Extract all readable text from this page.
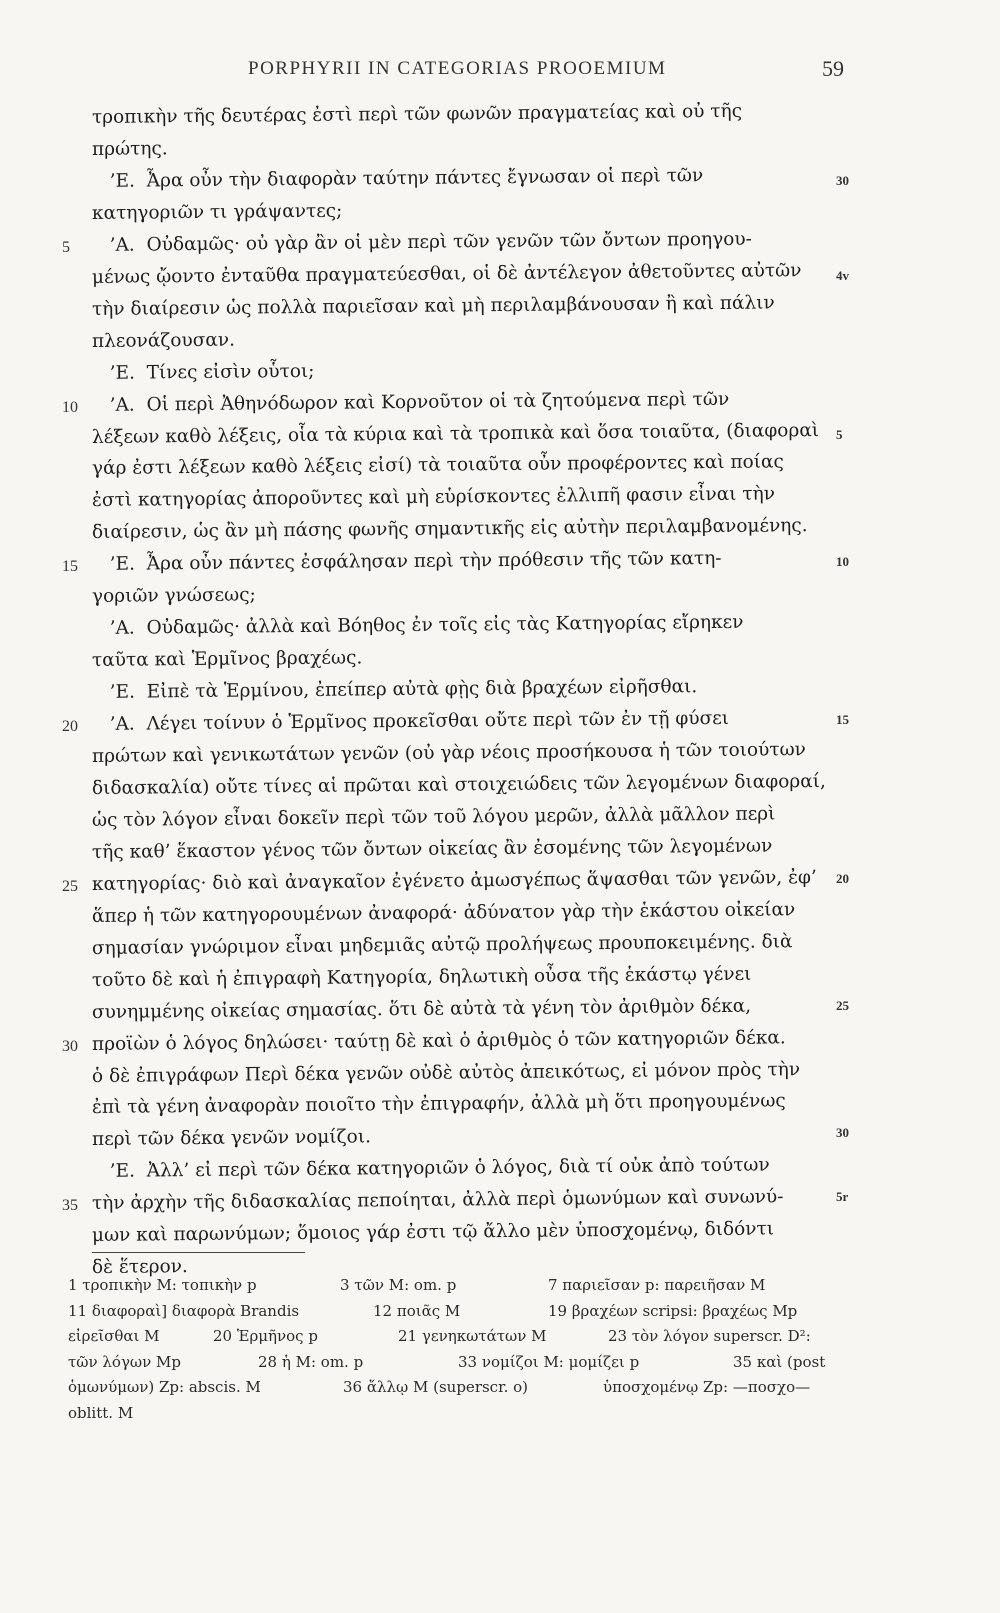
PORPHYRII IN CATEGORIAS PROOEMIUM	59
τροπικὴν τῆς δευτέρας ἐστὶ περὶ τῶν φωνῶν πραγματείας καὶ οὐ τῆς
πρώτης.
’Ε.  Ἆρα οὖν τὴν διαφορὰν ταύτην πάντες ἔγνωσαν οἱ περὶ τῶν	30
κατηγοριῶν τι γράψαντες;
’Α.  Οὐδαμῶς· οὐ γὰρ ἂν οἱ μὲν περὶ τῶν γενῶν τῶν ὄντων προηγου-
5
μένως ᾤοντο ἐνταῦθα πραγματεύεσθαι, οἱ δὲ ἀντέλεγον ἀθετοῦντες αὐτῶν	4v
τὴν διαίρεσιν ὡς πολλὰ παριεῖσαν καὶ μὴ περιλαμβάνουσαν ἢ καὶ πάλιν
πλεονάζουσαν.
’Ε.  Τίνες εἰσὶν οὗτοι;
’Α.  Οἱ περὶ Ἀθηνόδωρον καὶ Κορνοῦτον οἱ τὰ ζητούμενα περὶ τῶν
10
λέξεων καθὸ λέξεις, οἷα τὰ κύρια καὶ τὰ τροπικὰ καὶ ὅσα τοιαῦτα, (διαφοραὶ	5
γάρ ἐστι λέξεων καθὸ λέξεις εἰσί) τὰ τοιαῦτα οὖν προφέροντες καὶ ποίας
ἐστὶ κατηγορίας ἀποροῦντες καὶ μὴ εὑρίσκοντες ἐλλιπῆ φασιν εἶναι τὴν
διαίρεσιν, ὡς ἂν μὴ πάσης φωνῆς σημαντικῆς εἰς αὐτὴν περιλαμβανομένης.
’Ε.  Ἆρα οὖν πάντες ἐσφάλησαν περὶ τὴν πρόθεσιν τῆς τῶν κατη-
15	10
γοριῶν γνώσεως;
’Α.  Οὐδαμῶς· ἀλλὰ καὶ Βόηθος ἐν τοῖς εἰς τὰς Κατηγορίας εἴρηκεν
ταῦτα καὶ Ἑρμῖνος βραχέως.
’Ε.  Εἰπὲ τὰ Ἑρμίνου, ἐπείπερ αὐτὰ φῂς διὰ βραχέων εἰρῆσθαι.
’Α.  Λέγει τοίνυν ὁ Ἑρμῖνος προκεῖσθαι οὔτε περὶ τῶν ἐν τῇ φύσει
20	15
πρώτων καὶ γενικωτάτων γενῶν (οὐ γὰρ νέοις προσήκουσα ἡ τῶν τοιούτων
διδασκαλία) οὔτε τίνες αἱ πρῶται καὶ στοιχειώδεις τῶν λεγομένων διαφοραί,
ὡς τὸν λόγον εἶναι δοκεῖν περὶ τῶν τοῦ λόγου μερῶν, ἀλλὰ μᾶλλον περὶ
τῆς καθ’ ἕκαστον γένος τῶν ὄντων οἰκείας ἂν ἐσομένης τῶν λεγομένων
κατηγορίας· διὸ καὶ ἀναγκαῖον ἐγένετο ἀμωσγέπως ἅψασθαι τῶν γενῶν, ἐφ’
25	20
ἅπερ ἡ τῶν κατηγορουμένων ἀναφορά· ἀδύνατον γὰρ τὴν ἑκάστου οἰκείαν
σημασίαν γνώριμον εἶναι μηδεμιᾶς αὐτῷ προλήψεως προυποκειμένης. διὰ
τοῦτο δὲ καὶ ἡ ἐπιγραφὴ Κατηγορία, δηλωτικὴ οὖσα τῆς ἑκάστῳ γένει
συνημμένης οἰκείας σημασίας. ὅτι δὲ αὐτὰ τὰ γένη τὸν ἀριθμὸν δέκα,	25
προϊὼν ὁ λόγος δηλώσει· ταύτῃ δὲ καὶ ὁ ἀριθμὸς ὁ τῶν κατηγοριῶν δέκα.
30
ὁ δὲ ἐπιγράφων Περὶ δέκα γενῶν οὐδὲ αὐτὸς ἀπεικότως, εἰ μόνον πρὸς τὴν
ἐπὶ τὰ γένη ἀναφορὰν ποιοῖτο τὴν ἐπιγραφήν, ἀλλὰ μὴ ὅτι προηγουμένως
περὶ τῶν δέκα γενῶν νομίζοι.	30
’Ε.  Ἀλλ’ εἰ περὶ τῶν δέκα κατηγοριῶν ὁ λόγος, διὰ τί οὐκ ἀπὸ τούτων
τὴν ἀρχὴν τῆς διδασκαλίας πεποίηται, ἀλλὰ περὶ ὁμωνύμων καὶ συνωνύ-
35
5r
μων καὶ παρωνύμων; ὅμοιος γάρ ἐστι τῷ ἄλλο μὲν ὑποσχομένῳ, διδόντι
δὲ ἕτερον.
1 τροπικὴν M: τοπικὴν p	3 τῶν M: om. p	7 παριεῖσαν p: παρειῆσαν M
11 διαφοραὶ] διαφορὰ Brandis	12 ποιᾶς M	19 βραχέων scripsi: βραχέως Mp
εἰρεῖσθαι M	20 Ἑρμῆνος p	21 γενηκωτάτων M	23 τὸν λόγον superscr. D²:
τῶν λόγων Mp	28 ἡ M: om. p	33 νομίζοι M: μομίζει p	35 καὶ (post
ὁμωνύμων) Zp: abscis. M	36 ἄλλῳ M (superscr. o)	ὑποσχομένῳ Zp: —ποσχο—
oblitt. M
